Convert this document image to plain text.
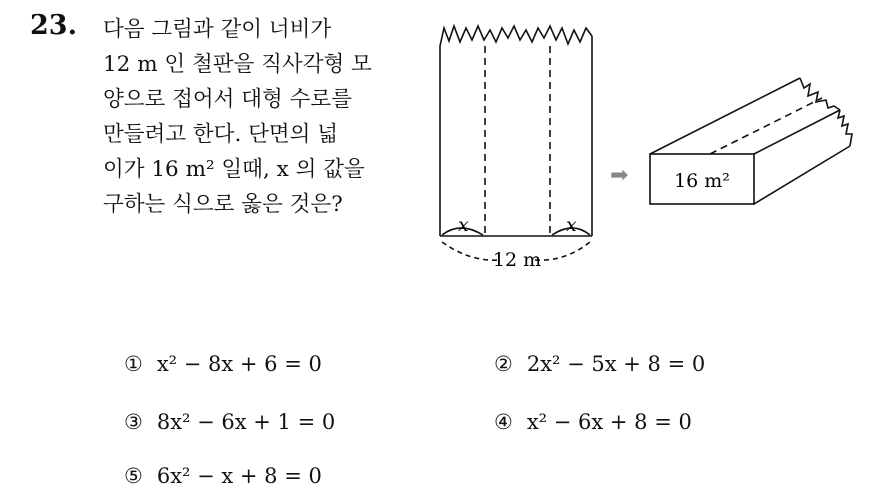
23. 다음 그림과 같이 너비가
12 m 인 철판을 직사각형 모
양으로 접어서 대형 수로를
만들려고 한다. 단면의 넓
이가 16 m² 일때, x 의 값을
구하는 식으로 옳은 것은?
x	x
12 m
➡ 16 m²
① x² − 8x + 6 = 0	② 2x² − 5x + 8 = 0
③ 8x² − 6x + 1 = 0	④ x² − 6x + 8 = 0
⑤ 6x² − x + 8 = 0
